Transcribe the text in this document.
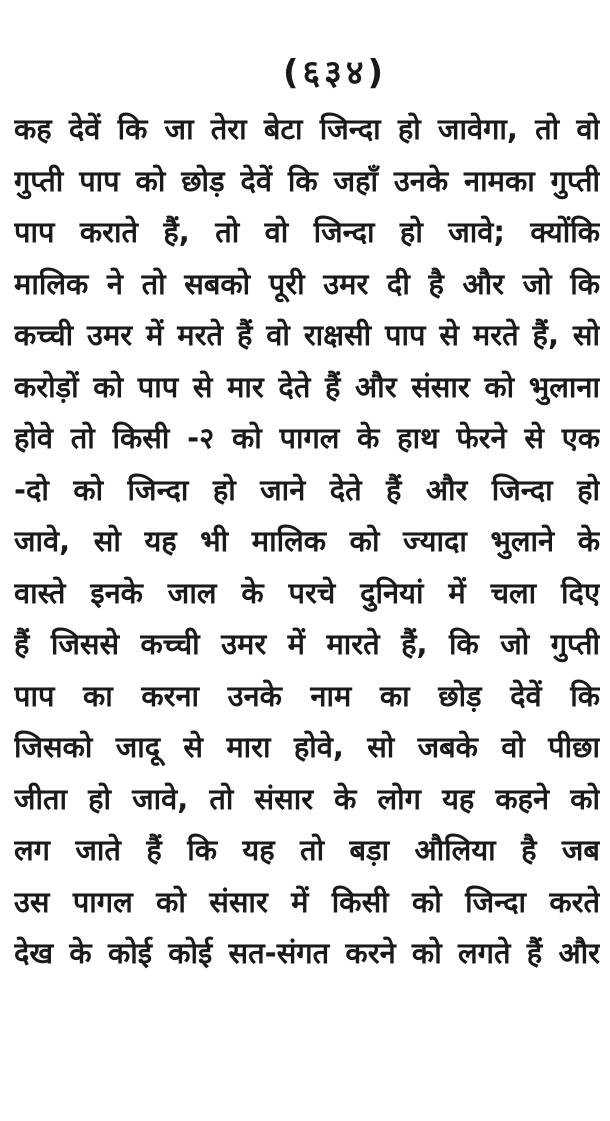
(६३४)
कह देवें कि जा तेरा बेटा जिन्दा हो जावेगा, तो वो
गुप्ती पाप को छोड़ देवें कि जहाँ उनके नामका गुप्ती
पाप कराते हैं, तो वो जिन्दा हो जावे; क्योंकि
मालिक ने तो सबको पूरी उमर दी है और जो कि
कच्ची उमर में मरते हैं वो राक्षसी पाप से मरते हैं, सो
करोड़ों को पाप से मार देते हैं और संसार को भुलाना
होवे तो किसी -२ को पागल के हाथ फेरने से एक
-दो को जिन्दा हो जाने देते हैं और जिन्दा हो
जावे, सो यह भी मालिक को ज्यादा भुलाने के
वास्ते इनके जाल के परचे दुनियां में चला दिए
हैं जिससे कच्ची उमर में मारते हैं, कि जो गुप्ती
पाप का करना उनके नाम का छोड़ देवें कि
जिसको जादू से मारा होवे, सो जबके वो पीछा
जीता हो जावे, तो संसार के लोग यह कहने को
लग जाते हैं कि यह तो बड़ा औलिया है जब
उस पागल को संसार में किसी को जिन्दा करते
देख के कोई कोई सत-संगत करने को लगते हैं और
